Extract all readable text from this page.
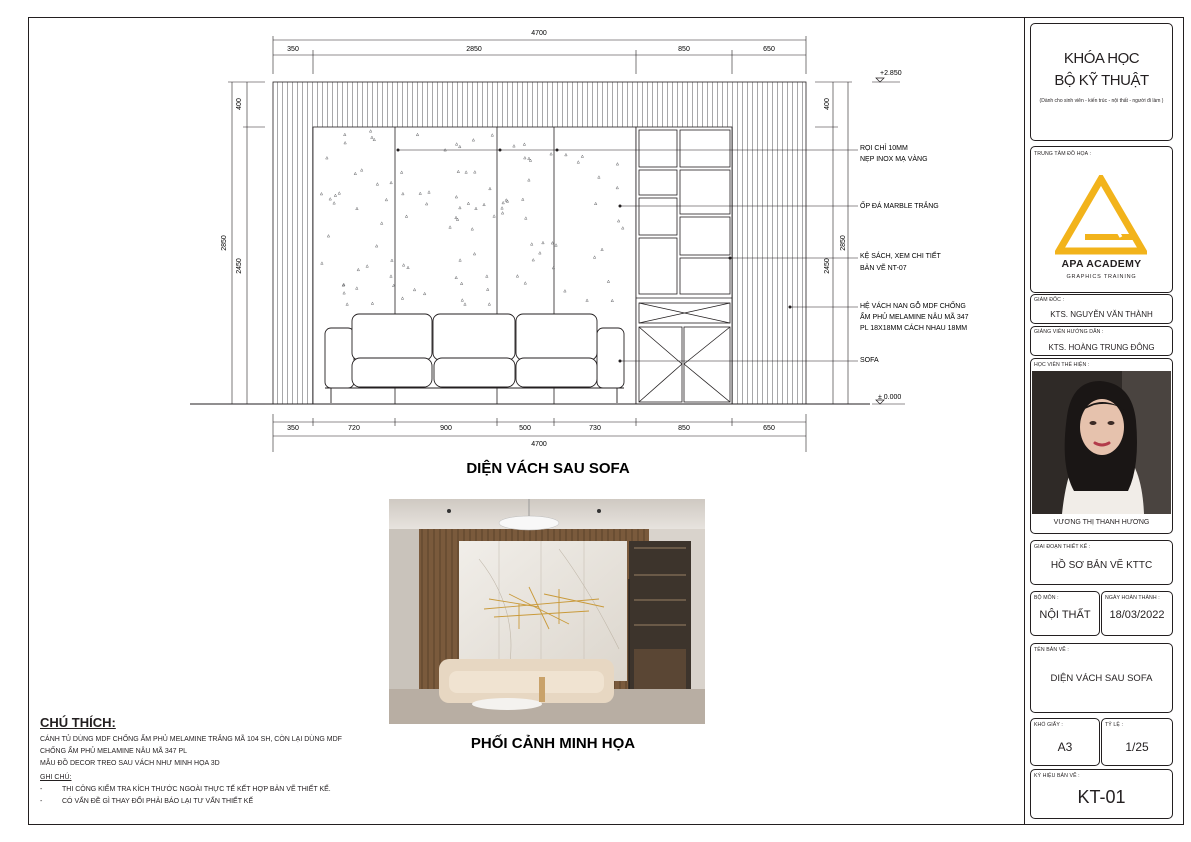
4700
350	2850	850	650
350	720	900	500	730	850	650
4700
400
2450
2850
400
2450
2850
+2.850
± 0.000
RỌI CHỈ 10MM
NẸP INOX MẠ VÀNG
ỐP ĐÁ MARBLE TRẮNG
KỆ SÁCH, XEM CHI TIẾT
BẢN VẼ NT-07
HỆ VÁCH NAN GỖ MDF CHỐNG
ẨM PHỦ MELAMINE NÂU MÃ 347
PL 18X18MM CÁCH NHAU 18MM
SOFA
DIỆN VÁCH SAU SOFA
PHỐI CẢNH MINH HỌA
CHÚ THÍCH:
CÁNH TỦ DÙNG MDF CHỐNG ẨM PHỦ MELAMINE TRẮNG MÃ 104 SH, CÒN LẠI DÙNG MDF
CHỐNG ẨM PHỦ MELAMINE NÂU MÃ 347 PL
MẪU ĐỒ DECOR TREO SAU VÁCH NHƯ MINH HỌA 3D
GHI CHÚ:
-	THI CÔNG KIỂM TRA KÍCH THƯỚC NGOÀI THỰC TẾ KẾT HỢP BẢN VẼ THIẾT KẾ.
-	CÓ VẤN ĐỀ GÌ THAY ĐỔI PHẢI BÁO LẠI TƯ VẤN THIẾT KẾ
KHÓA HỌC
BỘ KỸ THUẬT
(Dành cho sinh viên - kiến trúc - nội thất - người đi làm )
TRUNG TÂM ĐỒ HỌA :
APA ACADEMY
GRAPHICS TRAINING
GIÁM ĐỐC :
KTS. NGUYỄN VĂN THÀNH
GIẢNG VIÊN HƯỚNG DẪN :
KTS. HOÀNG TRUNG ĐÔNG
HỌC VIÊN THỂ HIỆN :
VƯƠNG THỊ THANH HƯƠNG
GIAI ĐOẠN THIẾT KẾ :
HỒ SƠ BẢN VẼ KTTC
BỘ MÔN :
NỘI THẤT
NGÀY HOÀN THÀNH :
18/03/2022
TÊN BẢN VẼ :
DIỆN VÁCH SAU SOFA
KHỔ GIẤY :
A3
TỶ LỆ :
1/25
KÝ HIỆU BẢN VẼ :
KT-01
